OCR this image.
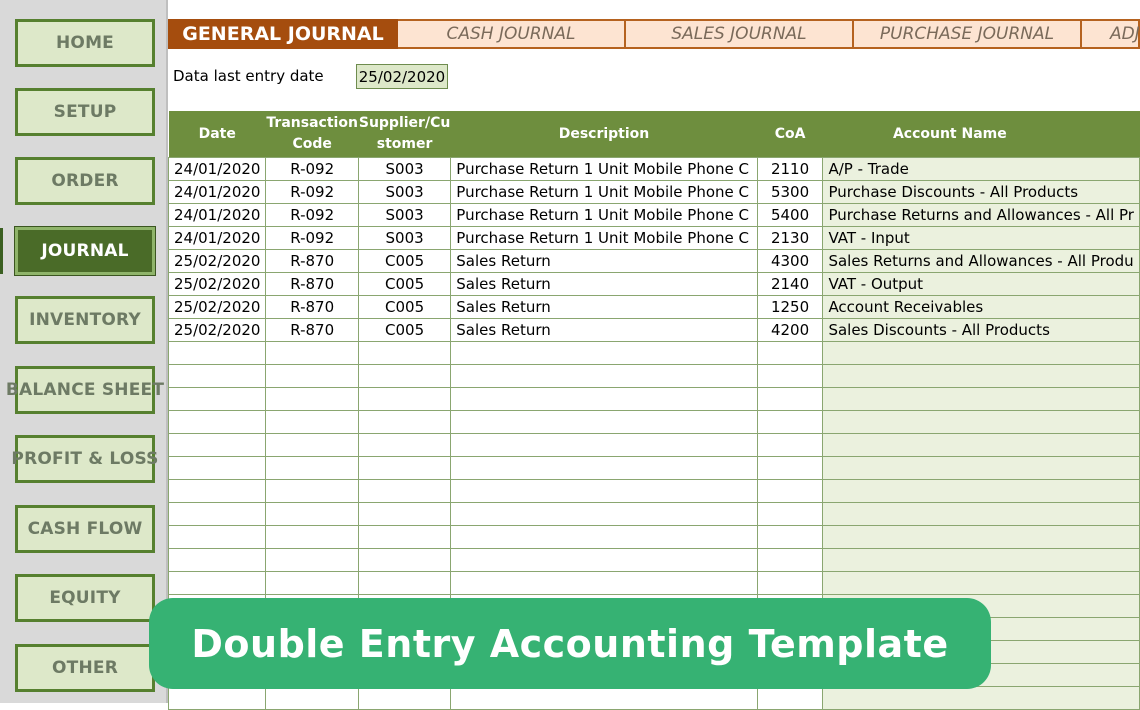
HOME
SETUP
ORDER
JOURNAL
INVENTORY
BALANCE SHEET
PROFIT & LOSS
CASH FLOW
EQUITY
OTHER
GENERAL JOURNAL	CASH JOURNAL	SALES JOURNAL	PURCHASE JOURNAL	ADJ
Data last entry date 25/02/2020
Date	Transaction Code	Supplier/Cu stomer	Description	CoA	Account Name
24/01/2020	R-092	S003	Purchase Return 1 Unit Mobile Phone C	2110	A/P - Trade
24/01/2020	R-092	S003	Purchase Return 1 Unit Mobile Phone C	5300	Purchase Discounts - All Products
24/01/2020	R-092	S003	Purchase Return 1 Unit Mobile Phone C	5400	Purchase Returns and Allowances - All Pr
24/01/2020	R-092	S003	Purchase Return 1 Unit Mobile Phone C	2130	VAT - Input
25/02/2020	R-870	C005	Sales Return	4300	Sales Returns and Allowances - All Produ
25/02/2020	R-870	C005	Sales Return	2140	VAT - Output
25/02/2020	R-870	C005	Sales Return	1250	Account Receivables
25/02/2020	R-870	C005	Sales Return	4200	Sales Discounts - All Products

Double Entry Accounting Template
